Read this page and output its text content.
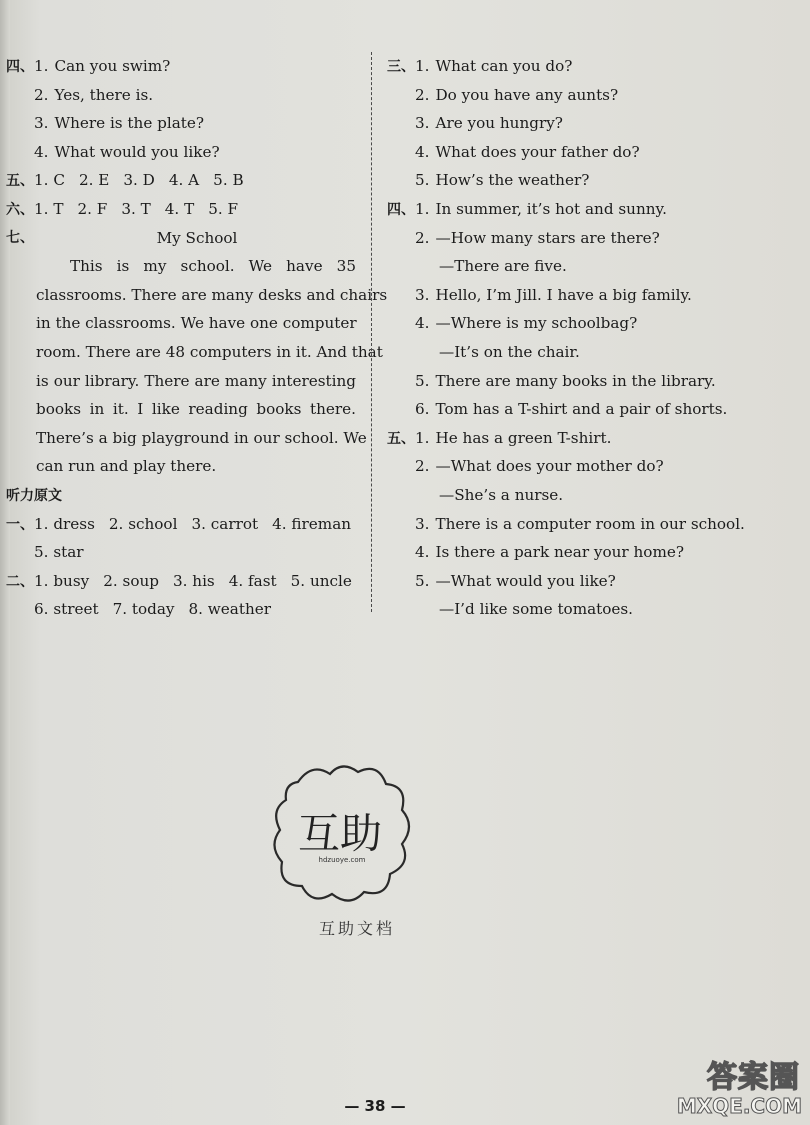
四、1. Can you swim?
2. Yes, there is.
3. Where is the plate?
4. What would you like?
五、1. C 2. E 3. D 4. A 5. B
六、1. T 2. F 3. T 4. T 5. F
七、	My School
This is my school. We have 35
classrooms. There are many desks and chairs
in the classrooms. We have one computer
room. There are 48 computers in it. And that
is our library. There are many interesting
books in it. I like reading books there.
There’s a big playground in our school. We
can run and play there.
听力原文
一、1. dress 2. school 3. carrot 4. fireman
5. star
二、1. busy 2. soup 3. his 4. fast 5. uncle
6. street 7. today 8. weather
三、1. What can you do?
2. Do you have any aunts?
3. Are you hungry?
4. What does your father do?
5. How’s the weather?
四、1. In summer, it’s hot and sunny.
2. —How many stars are there?
—There are five.
3. Hello, I’m Jill. I have a big family.
4. —Where is my schoolbag?
—It’s on the chair.
5. There are many books in the library.
6. Tom has a T-shirt and a pair of shorts.
五、1. He has a green T-shirt.
2. —What does your mother do?
—She’s a nurse.
3. There is a computer room in our school.
4. Is there a park near your home?
5. —What would you like?
—I’d like some tomatoes.
互助
hdzuoye.com
互助文档
— 38 —
答案圈
MXQE.COM
